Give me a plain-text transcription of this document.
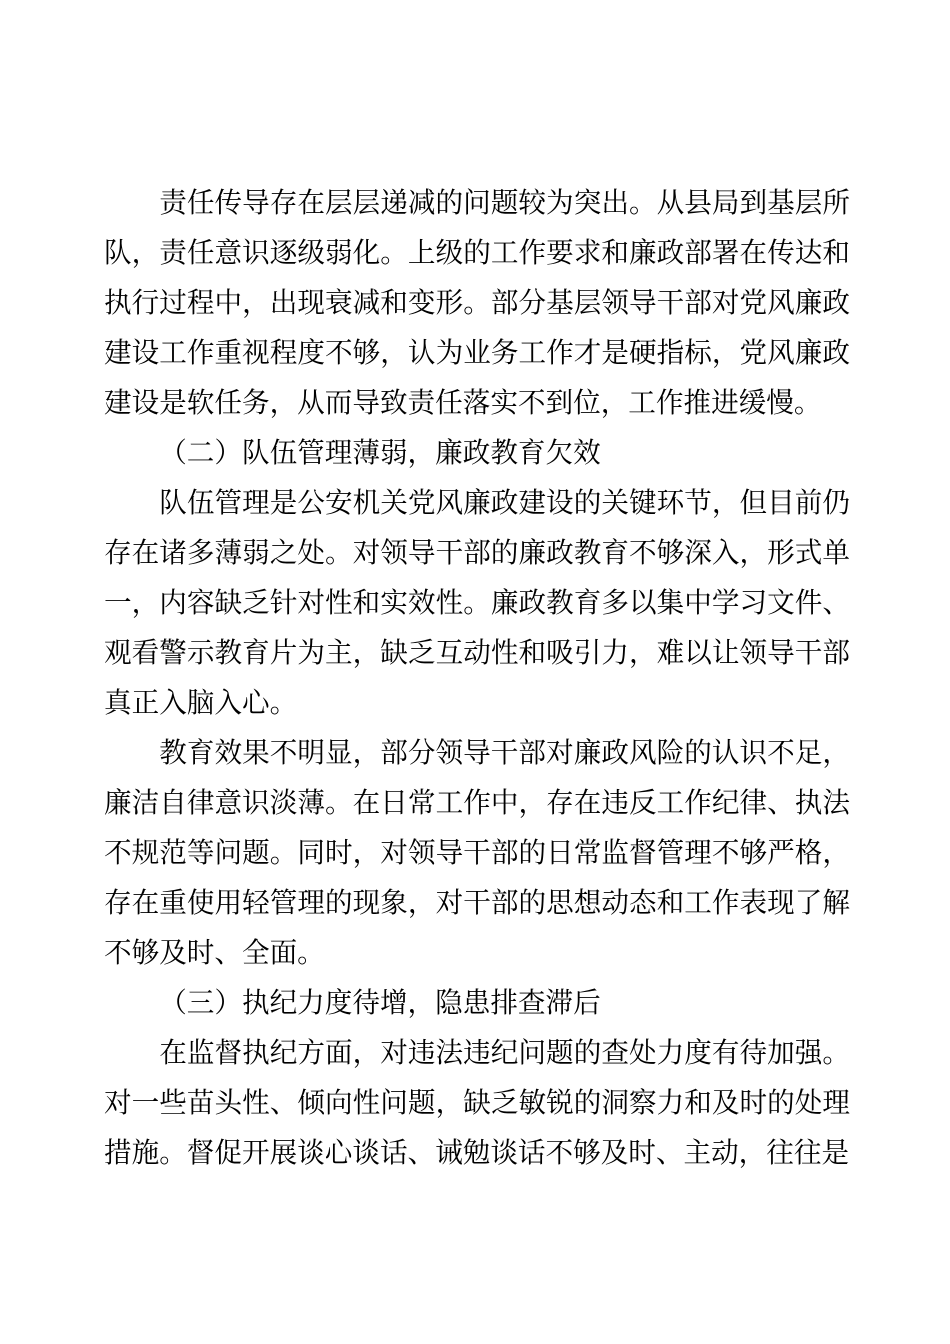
责任传导存在层层递减的问题较为突出。从县局到基层所队，责任意识逐级弱化。上级的工作要求和廉政部署在传达和执行过程中，出现衰减和变形。部分基层领导干部对党风廉政建设工作重视程度不够，认为业务工作才是硬指标，党风廉政建设是软任务，从而导致责任落实不到位，工作推进缓慢。

（二）队伍管理薄弱，廉政教育欠效

队伍管理是公安机关党风廉政建设的关键环节，但目前仍存在诸多薄弱之处。对领导干部的廉政教育不够深入，形式单一，内容缺乏针对性和实效性。廉政教育多以集中学习文件、观看警示教育片为主，缺乏互动性和吸引力，难以让领导干部真正入脑入心。

教育效果不明显，部分领导干部对廉政风险的认识不足，廉洁自律意识淡薄。在日常工作中，存在违反工作纪律、执法不规范等问题。同时，对领导干部的日常监督管理不够严格，存在重使用轻管理的现象，对干部的思想动态和工作表现了解不够及时、全面。

（三）执纪力度待增，隐患排查滞后

在监督执纪方面，对违法违纪问题的查处力度有待加强。对一些苗头性、倾向性问题，缺乏敏锐的洞察力和及时的处理措施。督促开展谈心谈话、诫勉谈话不够及时、主动，往往是
